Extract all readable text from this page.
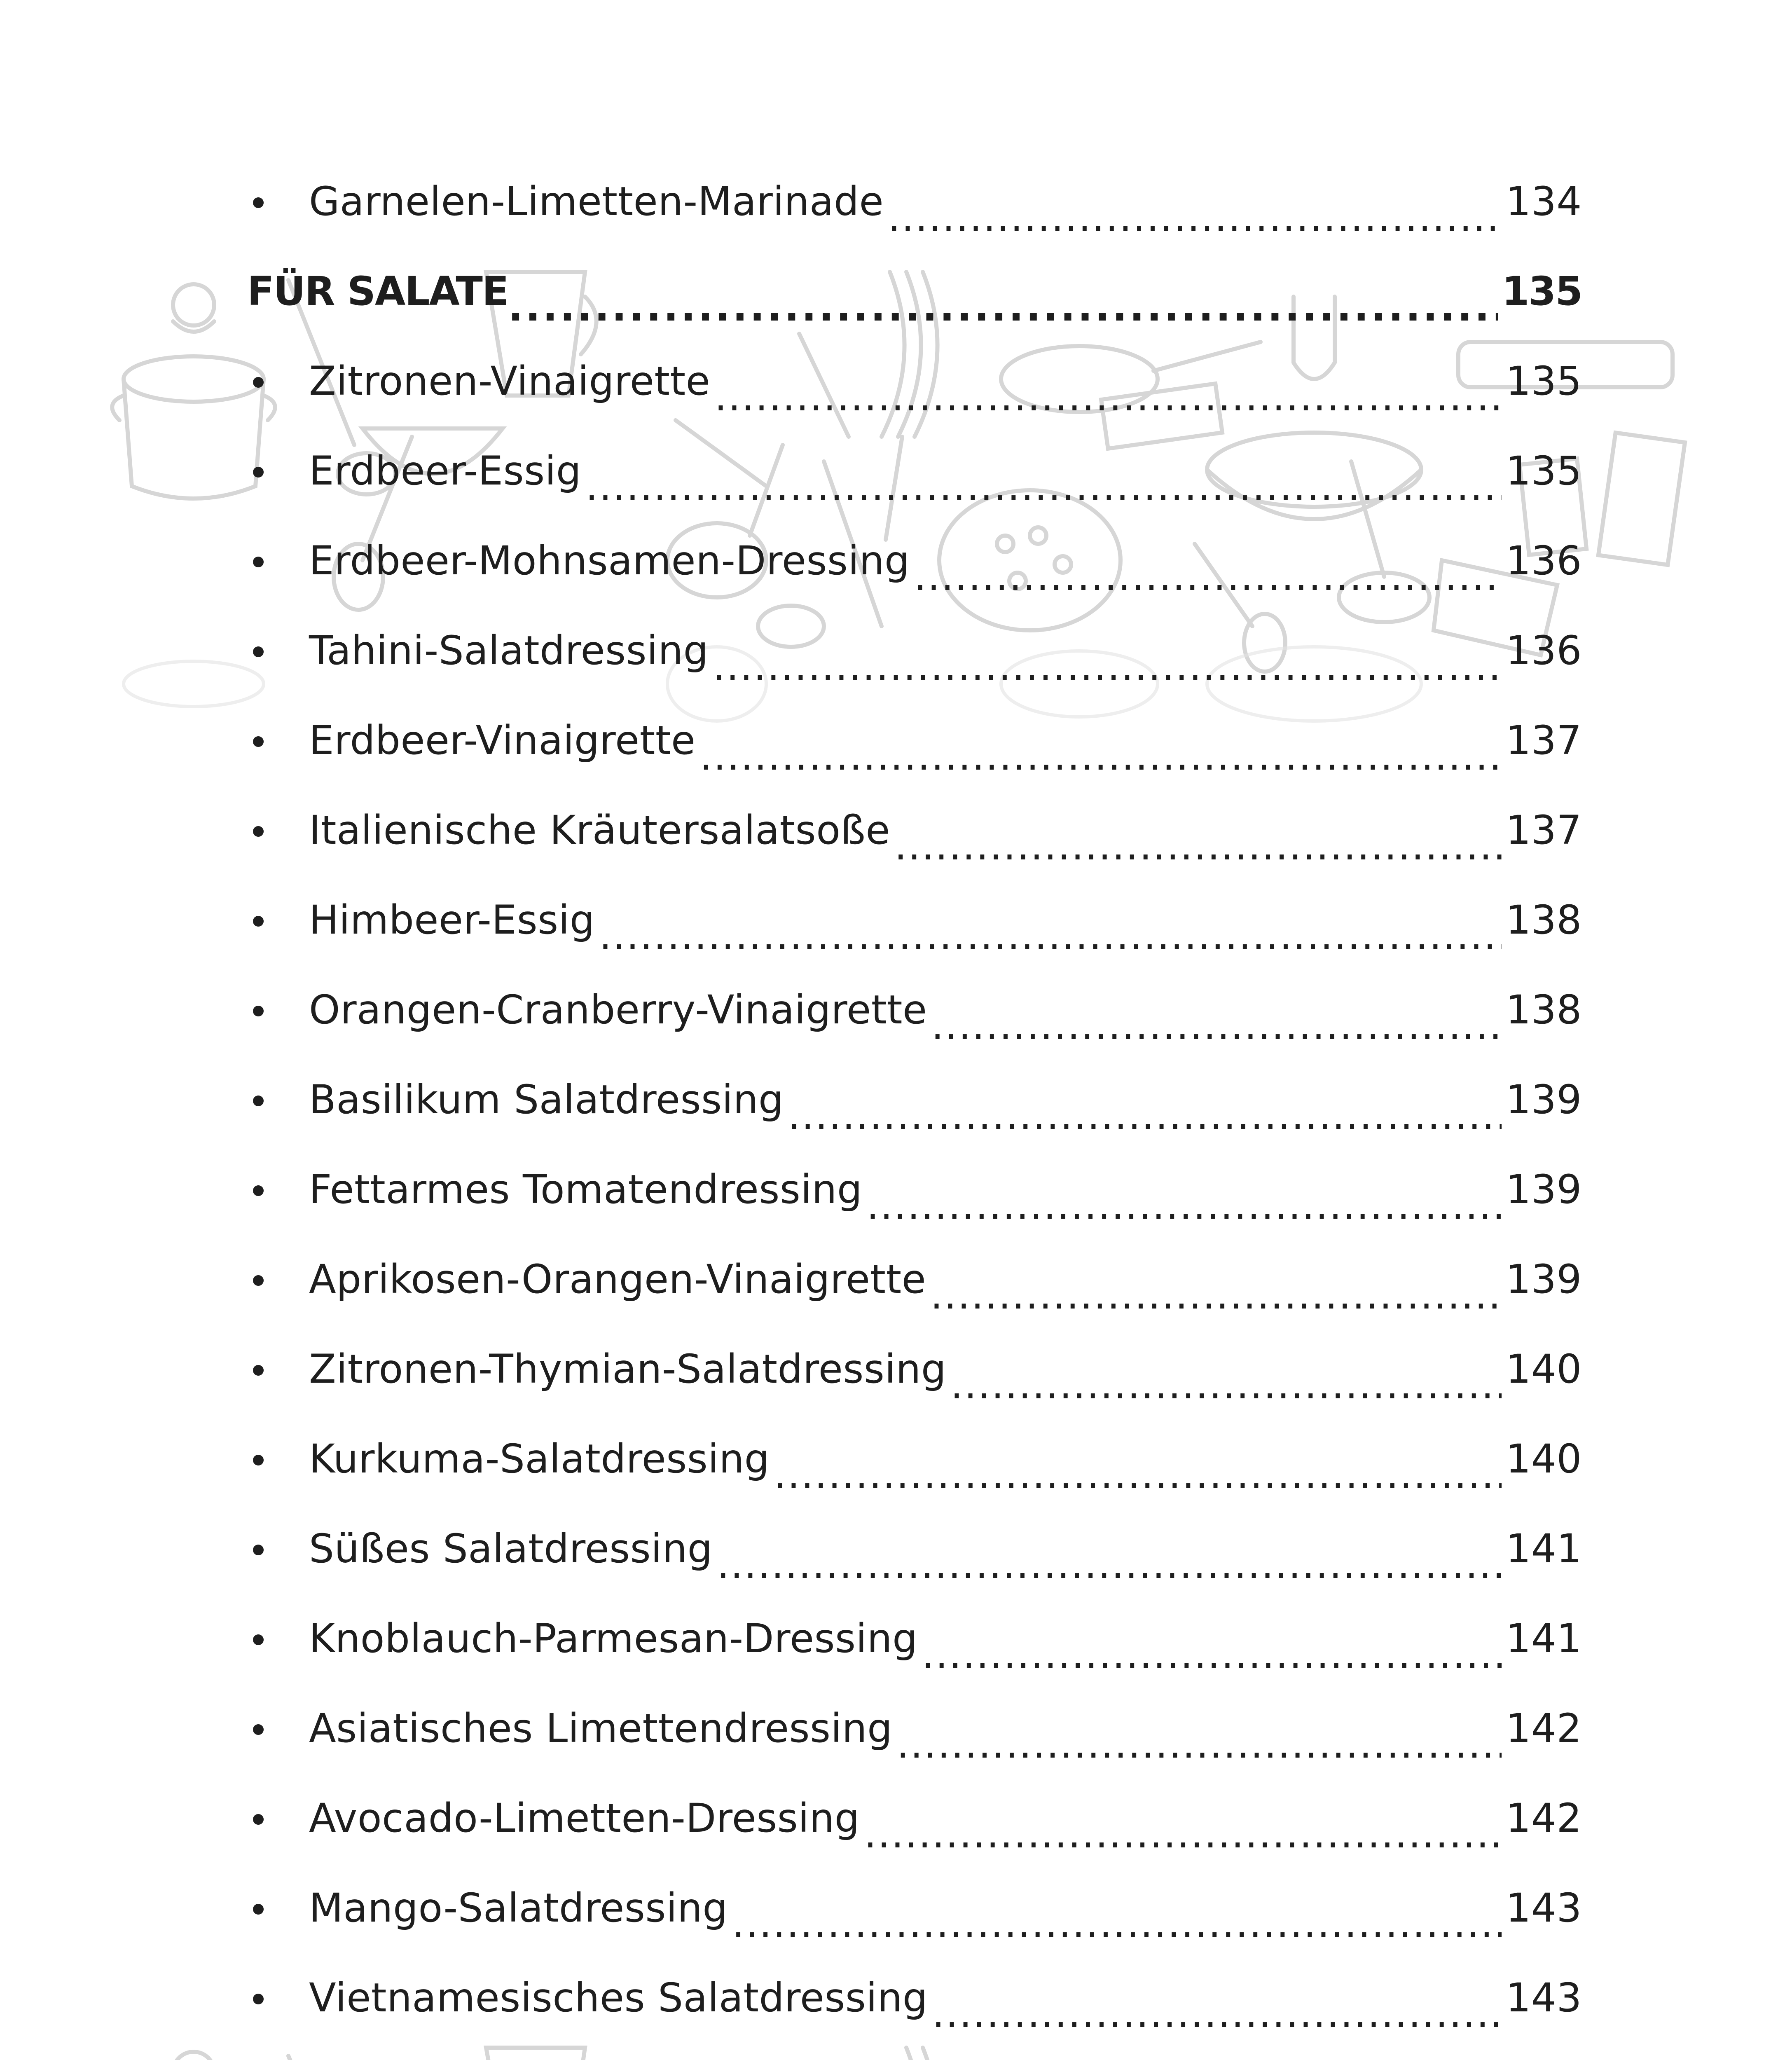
Garnelen-Limetten-Marinade . . .	134
FÜR SALATE . . .	135
Zitronen-Vinaigrette . . .	135
Erdbeer-Essig . . .	135
Erdbeer-Mohnsamen-Dressing . . .	136
Tahini-Salatdressing . . .	136
Erdbeer-Vinaigrette . . .	137
Italienische Kräutersalatsoße . . .	137
Himbeer-Essig . . .	138
Orangen-Cranberry-Vinaigrette . . .	138
Basilikum Salatdressing . . .	139
Fettarmes Tomatendressing . . .	139
Aprikosen-Orangen-Vinaigrette . . .	139
Zitronen-Thymian-Salatdressing . . .	140
Kurkuma-Salatdressing . . .	140
Süßes Salatdressing . . .	141
Knoblauch-Parmesan-Dressing . . .	141
Asiatisches Limettendressing . . .	142
Avocado-Limetten-Dressing . . .	142
Mango-Salatdressing . . .	143
Vietnamesisches Salatdressing . . .	143
